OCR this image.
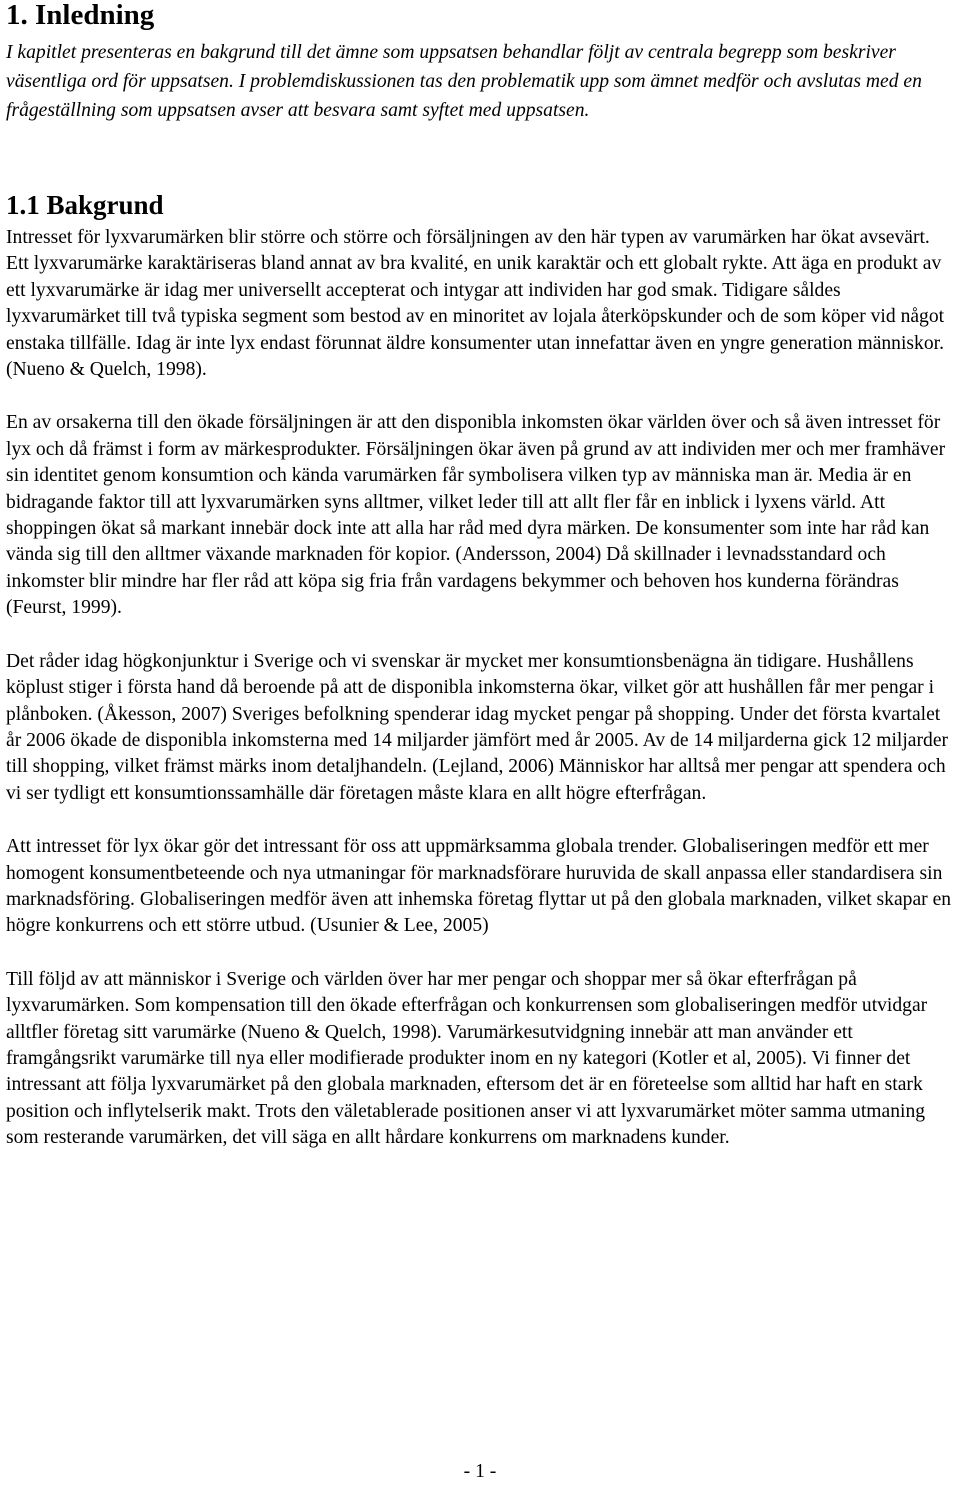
1. Inledning

I kapitlet presenteras en bakgrund till det ämne som uppsatsen behandlar följt av centrala begrepp som beskriver väsentliga ord för uppsatsen. I problemdiskussionen tas den problematik upp som ämnet medför och avslutas med en frågeställning som uppsatsen avser att besvara samt syftet med uppsatsen.

1.1 Bakgrund

Intresset för lyxvarumärken blir större och större och försäljningen av den här typen av varumärken har ökat avsevärt. Ett lyxvarumärke karaktäriseras bland annat av bra kvalité, en unik karaktär och ett globalt rykte. Att äga en produkt av ett lyxvarumärke är idag mer universellt accepterat och intygar att individen har god smak. Tidigare såldes lyxvarumärket till två typiska segment som bestod av en minoritet av lojala återköpskunder och de som köper vid något enstaka tillfälle. Idag är inte lyx endast förunnat äldre konsumenter utan innefattar även en yngre generation människor. (Nueno & Quelch, 1998).

En av orsakerna till den ökade försäljningen är att den disponibla inkomsten ökar världen över och så även intresset för lyx och då främst i form av märkesprodukter. Försäljningen ökar även på grund av att individen mer och mer framhäver sin identitet genom konsumtion och kända varumärken får symbolisera vilken typ av människa man är. Media är en bidragande faktor till att lyxvarumärken syns alltmer, vilket leder till att allt fler får en inblick i lyxens värld. Att shoppingen ökat så markant innebär dock inte att alla har råd med dyra märken. De konsumenter som inte har råd kan vända sig till den alltmer växande marknaden för kopior. (Andersson, 2004) Då skillnader i levnadsstandard och inkomster blir mindre har fler råd att köpa sig fria från vardagens bekymmer och behoven hos kunderna förändras (Feurst, 1999).

Det råder idag högkonjunktur i Sverige och vi svenskar är mycket mer konsumtionsbenägna än tidigare. Hushållens köplust stiger i första hand då beroende på att de disponibla inkomsterna ökar, vilket gör att hushållen får mer pengar i plånboken. (Åkesson, 2007) Sveriges befolkning spenderar idag mycket pengar på shopping. Under det första kvartalet år 2006 ökade de disponibla inkomsterna med 14 miljarder jämfört med år 2005. Av de 14 miljarderna gick 12 miljarder till shopping, vilket främst märks inom detaljhandeln. (Lejland, 2006) Människor har alltså mer pengar att spendera och vi ser tydligt ett konsumtionssamhälle där företagen måste klara en allt högre efterfrågan.

Att intresset för lyx ökar gör det intressant för oss att uppmärksamma globala trender. Globaliseringen medför ett mer homogent konsumentbeteende och nya utmaningar för marknadsförare huruvida de skall anpassa eller standardisera sin marknadsföring. Globaliseringen medför även att inhemska företag flyttar ut på den globala marknaden, vilket skapar en högre konkurrens och ett större utbud. (Usunier & Lee, 2005)

Till följd av att människor i Sverige och världen över har mer pengar och shoppar mer så ökar efterfrågan på lyxvarumärken. Som kompensation till den ökade efterfrågan och konkurrensen som globaliseringen medför utvidgar alltfler företag sitt varumärke (Nueno & Quelch, 1998). Varumärkesutvidgning innebär att man använder ett framgångsrikt varumärke till nya eller modifierade produkter inom en ny kategori (Kotler et al, 2005). Vi finner det intressant att följa lyxvarumärket på den globala marknaden, eftersom det är en företeelse som alltid har haft en stark position och inflytelserik makt. Trots den väletablerade positionen anser vi att lyxvarumärket möter samma utmaning som resterande varumärken, det vill säga en allt hårdare konkurrens om marknadens kunder.

- 1 -
